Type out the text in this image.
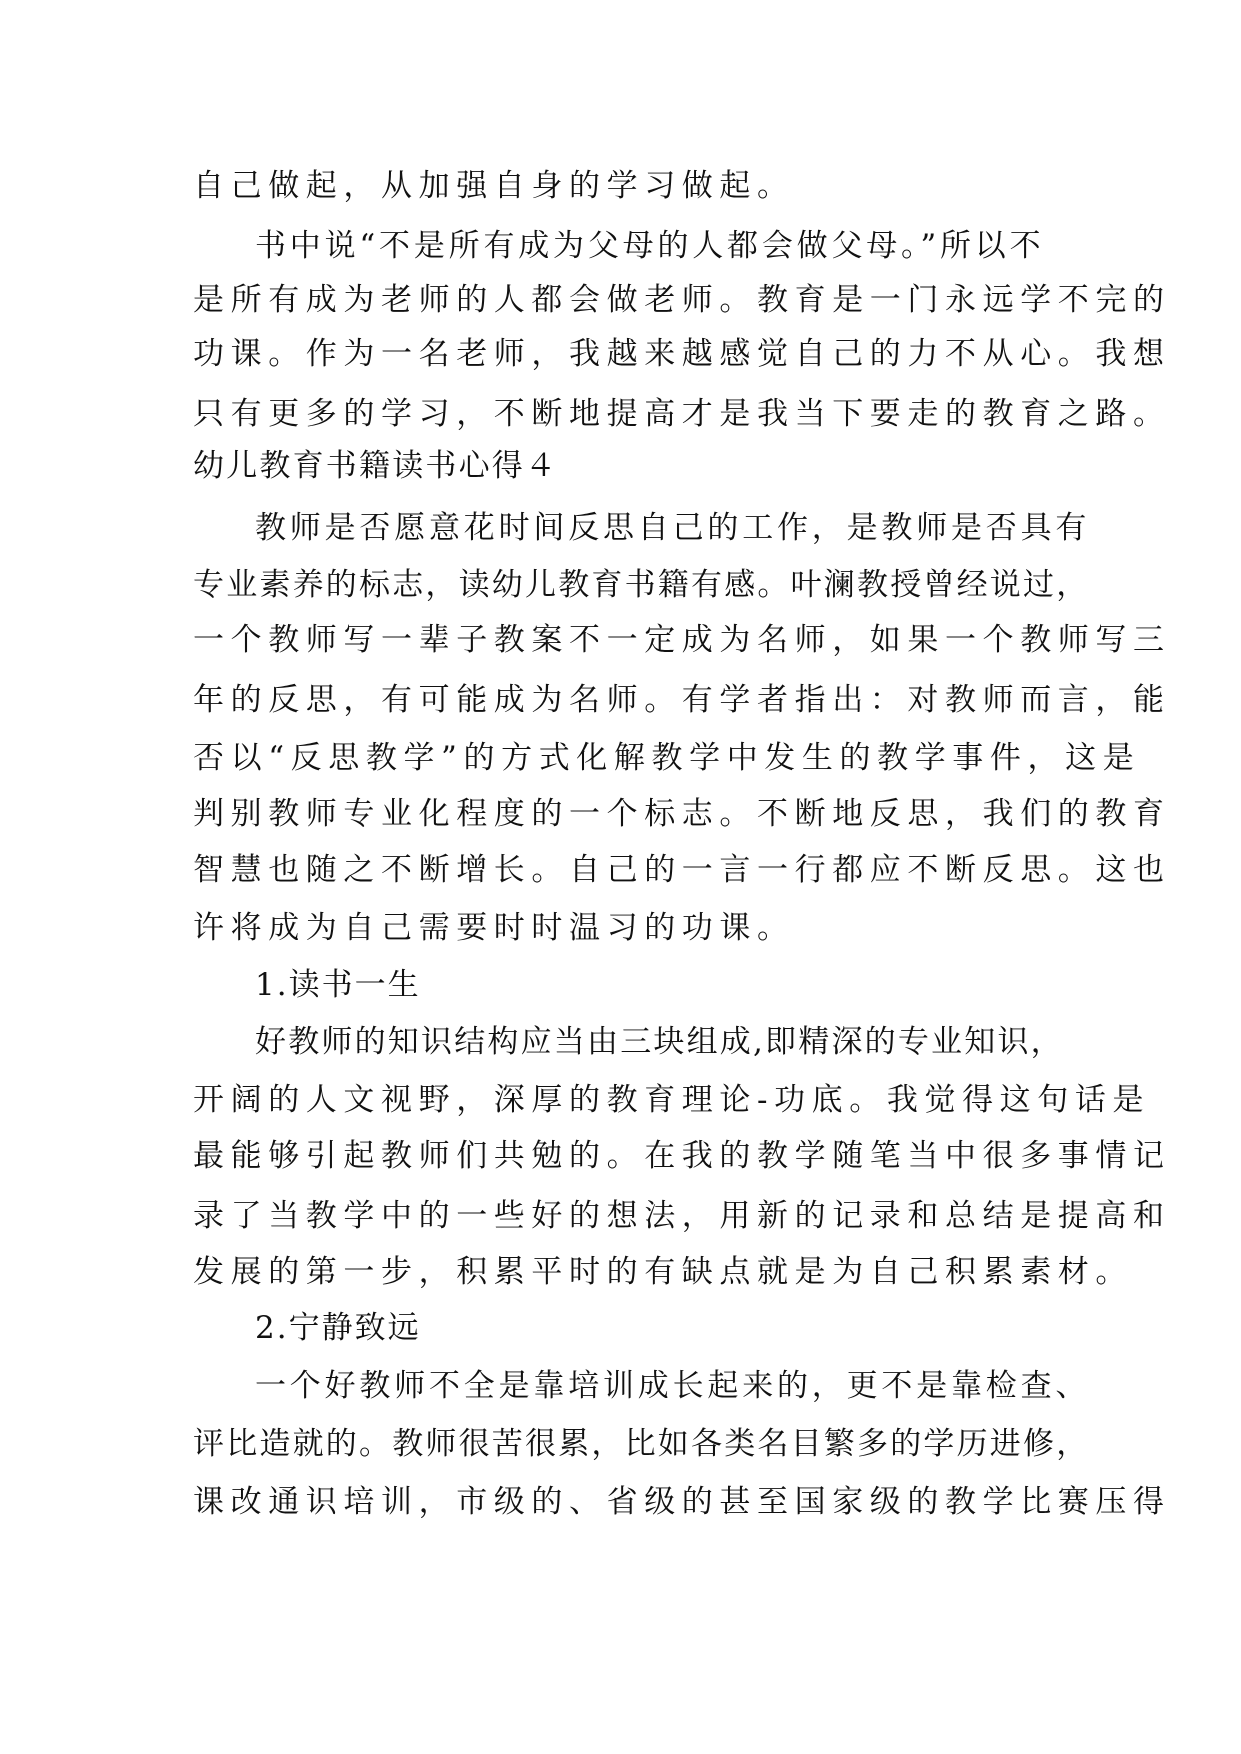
自己做起，从加强自身的学习做起。
书中说“不是所有成为父母的人都会做父母。”所以不
是所有成为老师的人都会做老师。教育是一门永远学不完的
功课。作为一名老师，我越来越感觉自己的力不从心。我想
只有更多的学习，不断地提高才是我当下要走的教育之路。
幼儿教育书籍读书心得４
教师是否愿意花时间反思自己的工作，是教师是否具有
专业素养的标志，读幼儿教育书籍有感。叶澜教授曾经说过，
一个教师写一辈子教案不一定成为名师，如果一个教师写三
年的反思，有可能成为名师。有学者指出：对教师而言，能
否以“反思教学”的方式化解教学中发生的教学事件，这是
判别教师专业化程度的一个标志。不断地反思，我们的教育
智慧也随之不断增长。自己的一言一行都应不断反思。这也
许将成为自己需要时时温习的功课。
1.读书一生
好教师的知识结构应当由三块组成,即精深的专业知识，
开阔的人文视野，深厚的教育理论-功底。我觉得这句话是
最能够引起教师们共勉的。在我的教学随笔当中很多事情记
录了当教学中的一些好的想法，用新的记录和总结是提高和
发展的第一步，积累平时的有缺点就是为自己积累素材。
2.宁静致远
一个好教师不全是靠培训成长起来的，更不是靠检查、
评比造就的。教师很苦很累，比如各类名目繁多的学历进修，
课改通识培训，市级的、省级的甚至国家级的教学比赛压得
